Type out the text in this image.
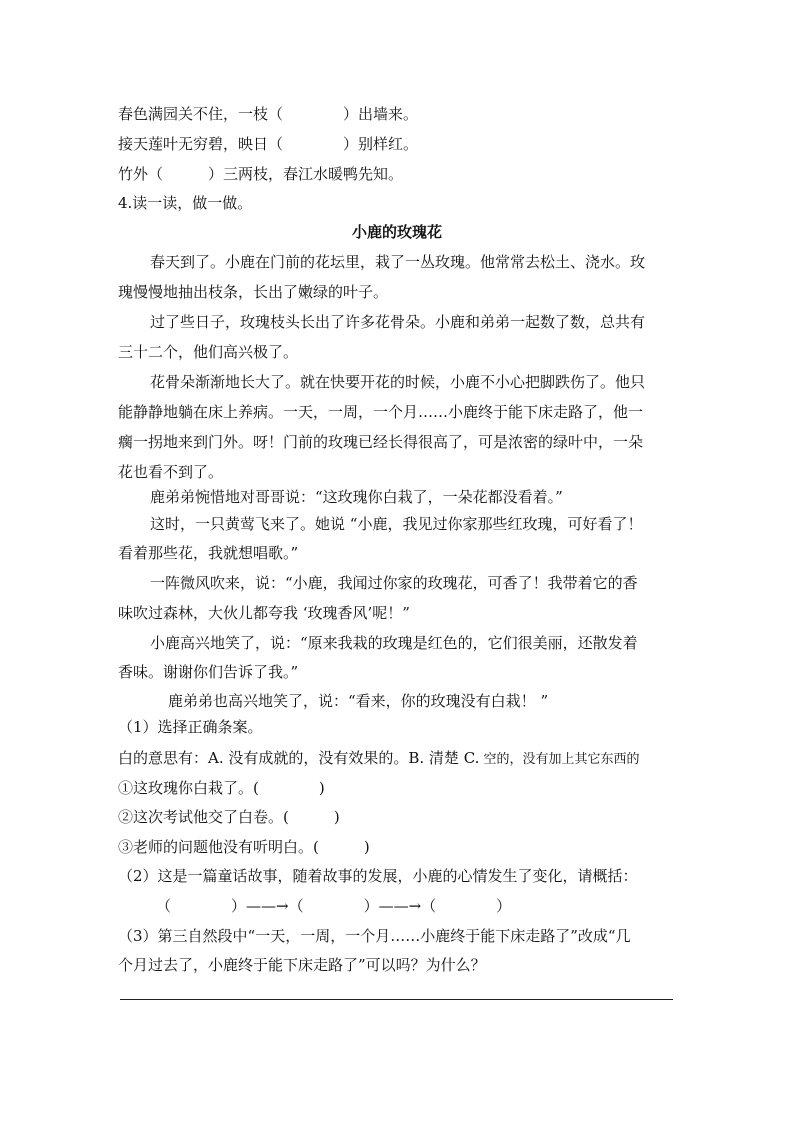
春色满园关不住，一枝（　　　　）出墙来。
接天莲叶无穷碧，映日（　　　　）别样红。
竹外（　　　）三两枝，春江水暖鸭先知。
4.读一读，做一做。
小鹿的玫瑰花
春天到了。小鹿在门前的花坛里，栽了一丛玫瑰。他常常去松土、浇水。玫
瑰慢慢地抽出枝条，长出了嫩绿的叶子。
过了些日子，玫瑰枝头长出了许多花骨朵。小鹿和弟弟一起数了数，总共有
三十二个，他们高兴极了。
花骨朵渐渐地长大了。就在快要开花的时候，小鹿不小心把脚跌伤了。他只
能静静地躺在床上养病。一天，一周，一个月……小鹿终于能下床走路了，他一
瘸一拐地来到门外。呀！门前的玫瑰已经长得很高了，可是浓密的绿叶中，一朵
花也看不到了。
鹿弟弟惋惜地对哥哥说：“这玫瑰你白栽了，一朵花都没看着。”
这时，一只黄莺飞来了。她说 “小鹿，我见过你家那些红玫瑰，可好看了！
看着那些花，我就想唱歌。”
一阵微风吹来，说：“小鹿，我闻过你家的玫瑰花，可香了！我带着它的香
味吹过森林，大伙儿都夸我 ‘玫瑰香风’呢！”
小鹿高兴地笑了，说：“原来我栽的玫瑰是红色的，它们很美丽，还散发着
香味。谢谢你们告诉了我。”
鹿弟弟也高兴地笑了，说：“看来，你的玫瑰没有白栽！ ”
（1）选择正确条案。
白的意思有：A. 没有成就的，没有效果的。B. 清楚 C. 空的，没有加上其它东西的
①这玫瑰你白栽了。(　　　　)
②这次考试他交了白卷。(　　　)
③老师的问题他没有听明白。(　　　)
（2）这是一篇童话故事，随着故事的发展，小鹿的心情发生了变化，请概括：
（　　　　）——→（　　　　）——→（　　　　）
（3）第三自然段中“一天，一周，一个月……小鹿终于能下床走路了”改成“几
个月过去了，小鹿终于能下床走路了”可以吗？为什么？
